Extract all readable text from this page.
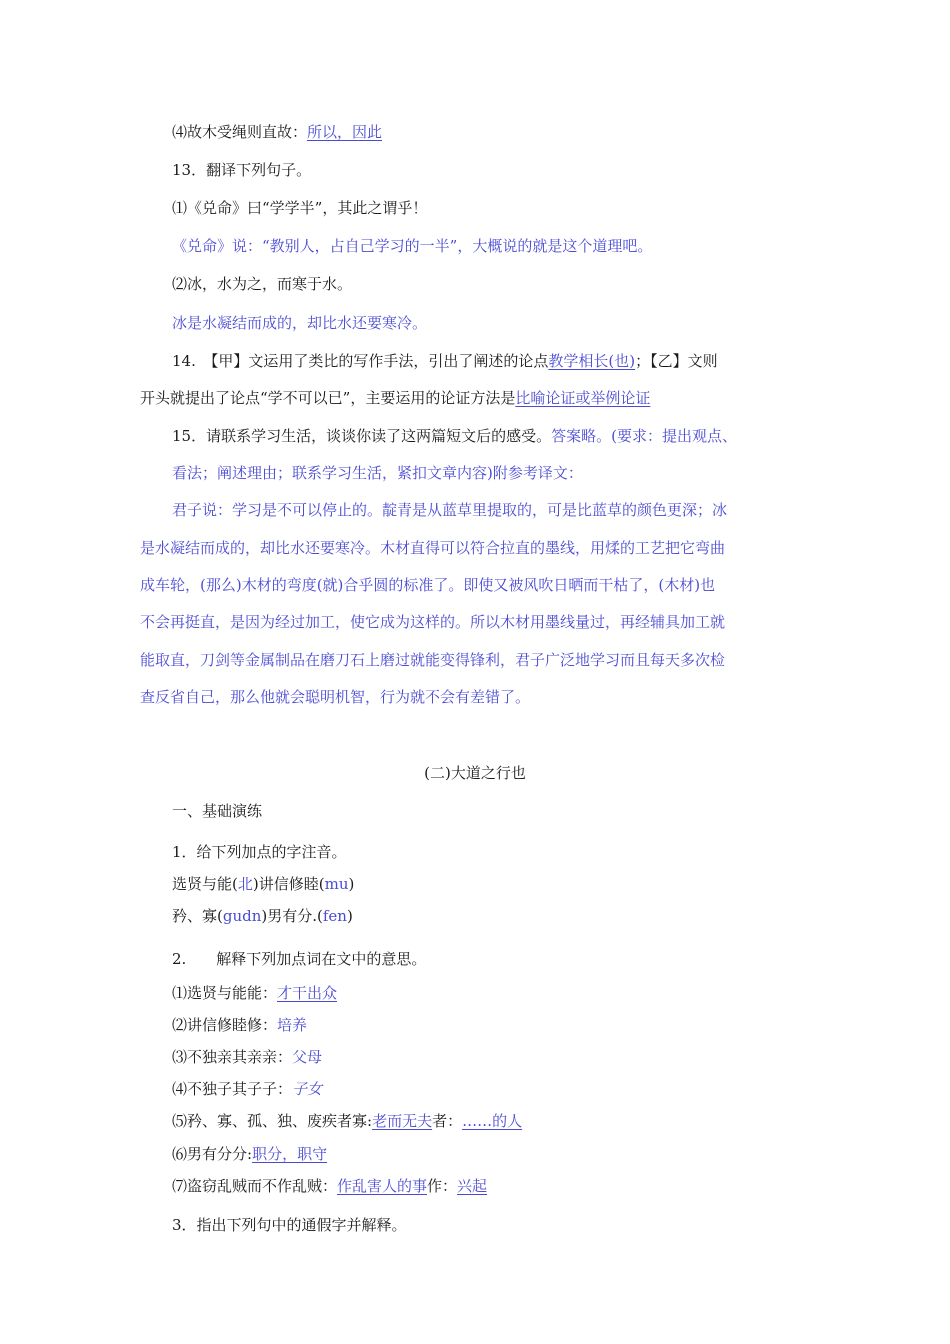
⑷故木受绳则直故：所以，因此
13．翻译下列句子。
⑴《兑命》曰“学学半”，其此之谓乎！
《兑命》说：“教别人，占自己学习的一半”，大概说的就是这个道理吧。
⑵冰，水为之，而寒于水。
冰是水凝结而成的，却比水还要寒冷。
14.　【甲】文运用了类比的写作手法，引出了阐述的论点教学相长(也)；【乙】文则
开头就提出了论点“学不可以已”，主要运用的论证方法是比喻论证或举例论证
15．请联系学习生活，谈谈你读了这两篇短文后的感受。答案略。(要求：提出观点、
看法；阐述理由；联系学习生活，紧扣文章内容)附参考译文：
君子说：学习是不可以停止的。靛青是从蓝草里提取的，可是比蓝草的颜色更深；冰
是水凝结而成的，却比水还要寒冷。木材直得可以符合拉直的墨线，用煣的工艺把它弯曲
成车轮，(那么)木材的弯度(就)合乎圆的标准了。即使又被风吹日晒而干枯了，(木材)也
不会再挺直，是因为经过加工，使它成为这样的。所以木材用墨线量过，再经辅具加工就
能取直，刀剑等金属制品在磨刀石上磨过就能变得锋利，君子广泛地学习而且每天多次检
查反省自己，那么他就会聪明机智，行为就不会有差错了。
(二)大道之行也
一、基础演练
1．给下列加点的字注音。
选贤与能(北)讲信修睦(mu)
矜、寡(gudn)男有分.(fen)
2.　　解释下列加点词在文中的意思。
⑴选贤与能能：才干出众
⑵讲信修睦修：培养
⑶不独亲其亲亲：父母
⑷不独子其子子：子女
⑸矜、寡、孤、独、废疾者寡:老而无夫者：……的人
⑹男有分分:职分，职守
⑺盗窃乱贼而不作乱贼：作乱害人的事作：兴起
3．指出下列句中的通假字并解释。
